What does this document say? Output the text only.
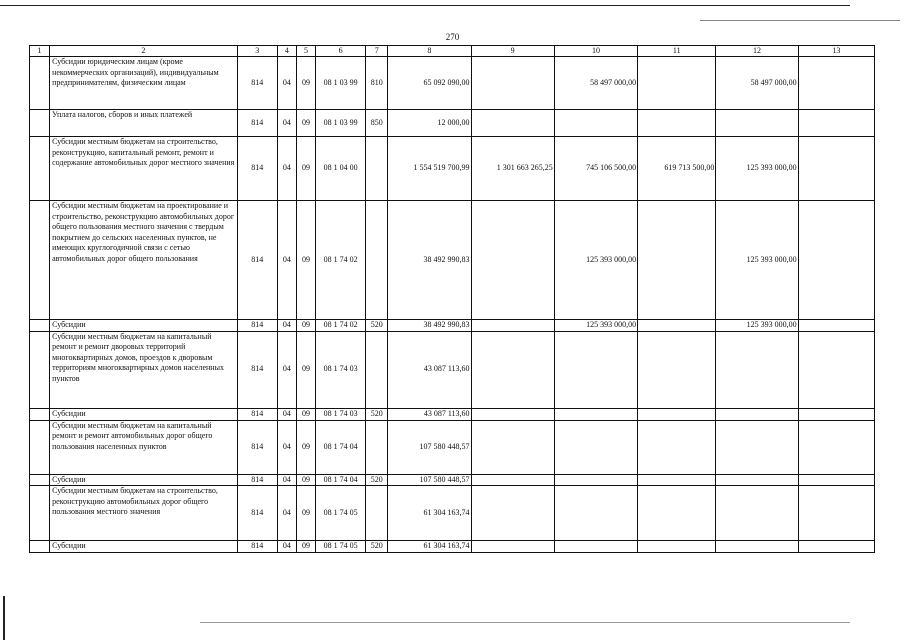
270
1	2	3	4	5	6	7	8	9	10	11	12	13
	Субсидии юридическим лицам (кроме некоммерческих организаций), индивидуальным предпринимателям, физическим лицам	814	04	09	08 1 03 99	810	65 092 090,00		58 497 000,00		58 497 000,00	
	Уплата налогов, сборов и иных платежей	814	04	09	08 1 03 99	850	12 000,00					
	Субсидии местным бюджетам на строительство, реконструкцию, капитальный ремонт, ремонт и содержание автомобильных дорог местного значения	814	04	09	08 1 04 00		1 554 519 700,99	1 301 663 265,25	745 106 500,00	619 713 500,00	125 393 000,00	
	Субсидии местным бюджетам на проектирование и строительство, реконструкцию автомобильных дорог общего пользования местного значения с твердым покрытием до сельских населенных пунктов, не имеющих круглогодичной связи с сетью автомобильных дорог общего пользования	814	04	09	08 1 74 02		38 492 990,83		125 393 000,00		125 393 000,00	
	Субсидии	814	04	09	08 1 74 02	520	38 492 990,83		125 393 000,00		125 393 000,00	
	Субсидии местным бюджетам на капитальный ремонт и ремонт дворовых территорий многоквартирных домов, проездов к дворовым территориям многоквартирных домов населенных пунктов	814	04	09	08 1 74 03		43 087 113,60					
	Субсидии	814	04	09	08 1 74 03	520	43 087 113,60					
	Субсидии местным бюджетам на капитальный ремонт и ремонт автомобильных дорог общего пользования населенных пунктов	814	04	09	08 1 74 04		107 580 448,57					
	Субсидии	814	04	09	08 1 74 04	520	107 580 448,57					
	Субсидии местным бюджетам на строительство, реконструкцию автомобильных дорог общего пользования местного значения	814	04	09	08 1 74 05		61 304 163,74					
	Субсидии	814	04	09	08 1 74 05	520	61 304 163,74					
